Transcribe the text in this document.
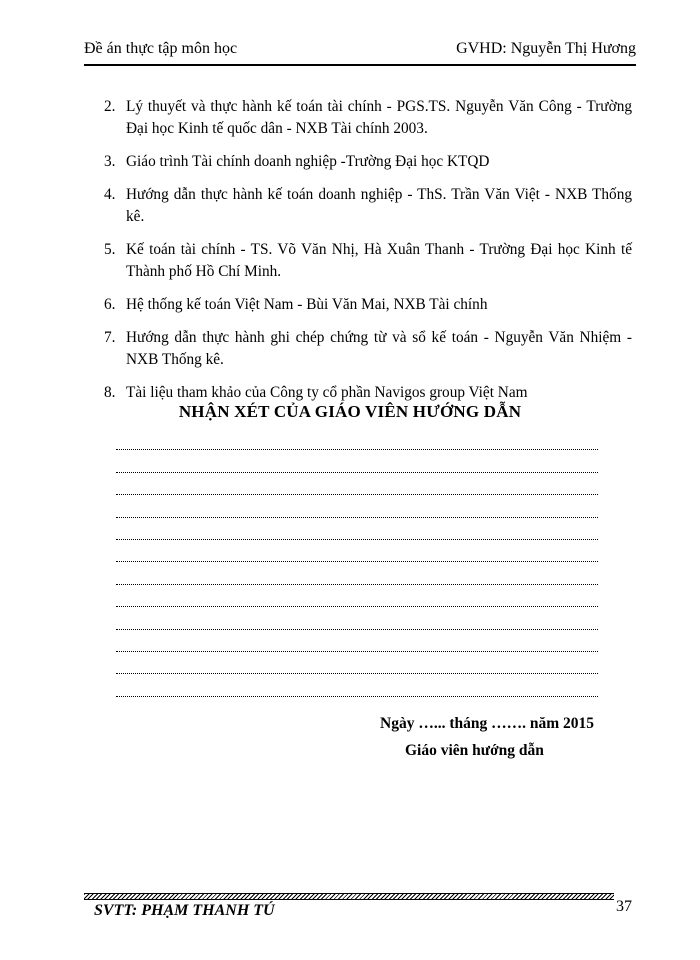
Đề án thực tập môn học	GVHD: Nguyễn Thị Hương
2. Lý thuyết và thực hành kế toán tài chính - PGS.TS. Nguyễn Văn Công - Trường Đại học Kinh tế quốc dân - NXB Tài chính 2003.
3. Giáo trình Tài chính doanh nghiệp -Trường Đại học KTQD
4. Hướng dẫn thực hành kế toán doanh nghiệp - ThS. Trần Văn Việt - NXB Thống kê.
5. Kế toán tài chính - TS. Võ Văn Nhị, Hà Xuân Thanh - Trường Đại học Kinh tế Thành phố Hồ Chí Minh.
6. Hệ thống kế toán Việt Nam - Bùi Văn Mai, NXB Tài chính
7. Hướng dẫn thực hành ghi chép chứng từ và sổ kế toán - Nguyễn Văn Nhiệm - NXB Thống kê.
8. Tài liệu tham khảo của Công ty cổ phần Navigos group Việt Nam
NHẬN XÉT CỦA GIÁO VIÊN HƯỚNG DẪN
Ngày …... tháng ……. năm 2015
Giáo viên hướng dẫn
SVTT: PHẠM THANH TÚ	37
